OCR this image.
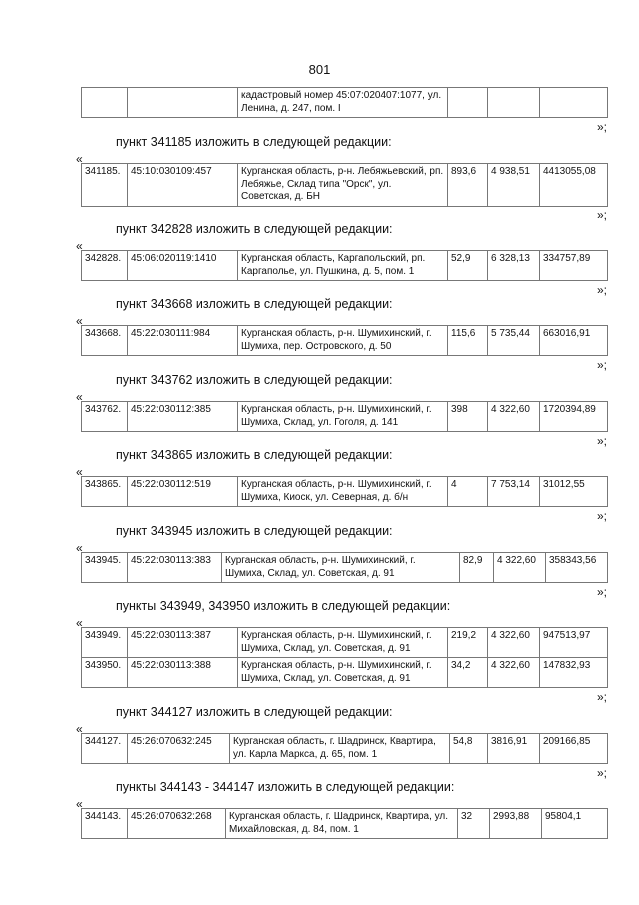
801
		кадастровый номер 45:07:020407:1077, ул. Ленина, д. 247, пом. I			
»;
пункт 341185 изложить в следующей редакции:
«
341185.	45:10:030109:457	Курганская область, р-н. Лебяжьевский, рп. Лебяжье, Склад типа "Орск", ул. Советская, д. БН	893,6	4 938,51	4413055,08
»;
пункт 342828 изложить в следующей редакции:
«
342828.	45:06:020119:1410	Курганская область, Каргапольский, рп. Каргаполье, ул. Пушкина, д. 5, пом. 1	52,9	6 328,13	334757,89
»;
пункт 343668 изложить в следующей редакции:
«
343668.	45:22:030111:984	Курганская область, р-н. Шумихинский, г. Шумиха, пер. Островского, д. 50	115,6	5 735,44	663016,91
»;
пункт 343762 изложить в следующей редакции:
«
343762.	45:22:030112:385	Курганская область, р-н. Шумихинский, г. Шумиха, Склад, ул. Гоголя, д. 141	398	4 322,60	1720394,89
»;
пункт 343865 изложить в следующей редакции:
«
343865.	45:22:030112:519	Курганская область, р-н. Шумихинский, г. Шумиха, Киоск, ул. Северная, д. б/н	4	7 753,14	31012,55
»;
пункт 343945 изложить в следующей редакции:
«
343945.	45:22:030113:383	Курганская область, р-н. Шумихинский, г. Шумиха, Склад, ул. Советская, д. 91	82,9	4 322,60	358343,56
»;
пункты 343949, 343950 изложить в следующей редакции:
«
343949.	45:22:030113:387	Курганская область, р-н. Шумихинский, г. Шумиха, Склад, ул. Советская, д. 91	219,2	4 322,60	947513,97
343950.	45:22:030113:388	Курганская область, р-н. Шумихинский, г. Шумиха, Склад, ул. Советская, д. 91	34,2	4 322,60	147832,93
»;
пункт 344127 изложить в следующей редакции:
«
344127.	45:26:070632:245	Курганская область, г. Шадринск, Квартира, ул. Карла Маркса, д. 65, пом. 1	54,8	3816,91	209166,85
»;
пункты 344143 - 344147 изложить в следующей редакции:
«
344143.	45:26:070632:268	Курганская область, г. Шадринск, Квартира, ул. Михайловская, д. 84, пом. 1	32	2993,88	95804,1
